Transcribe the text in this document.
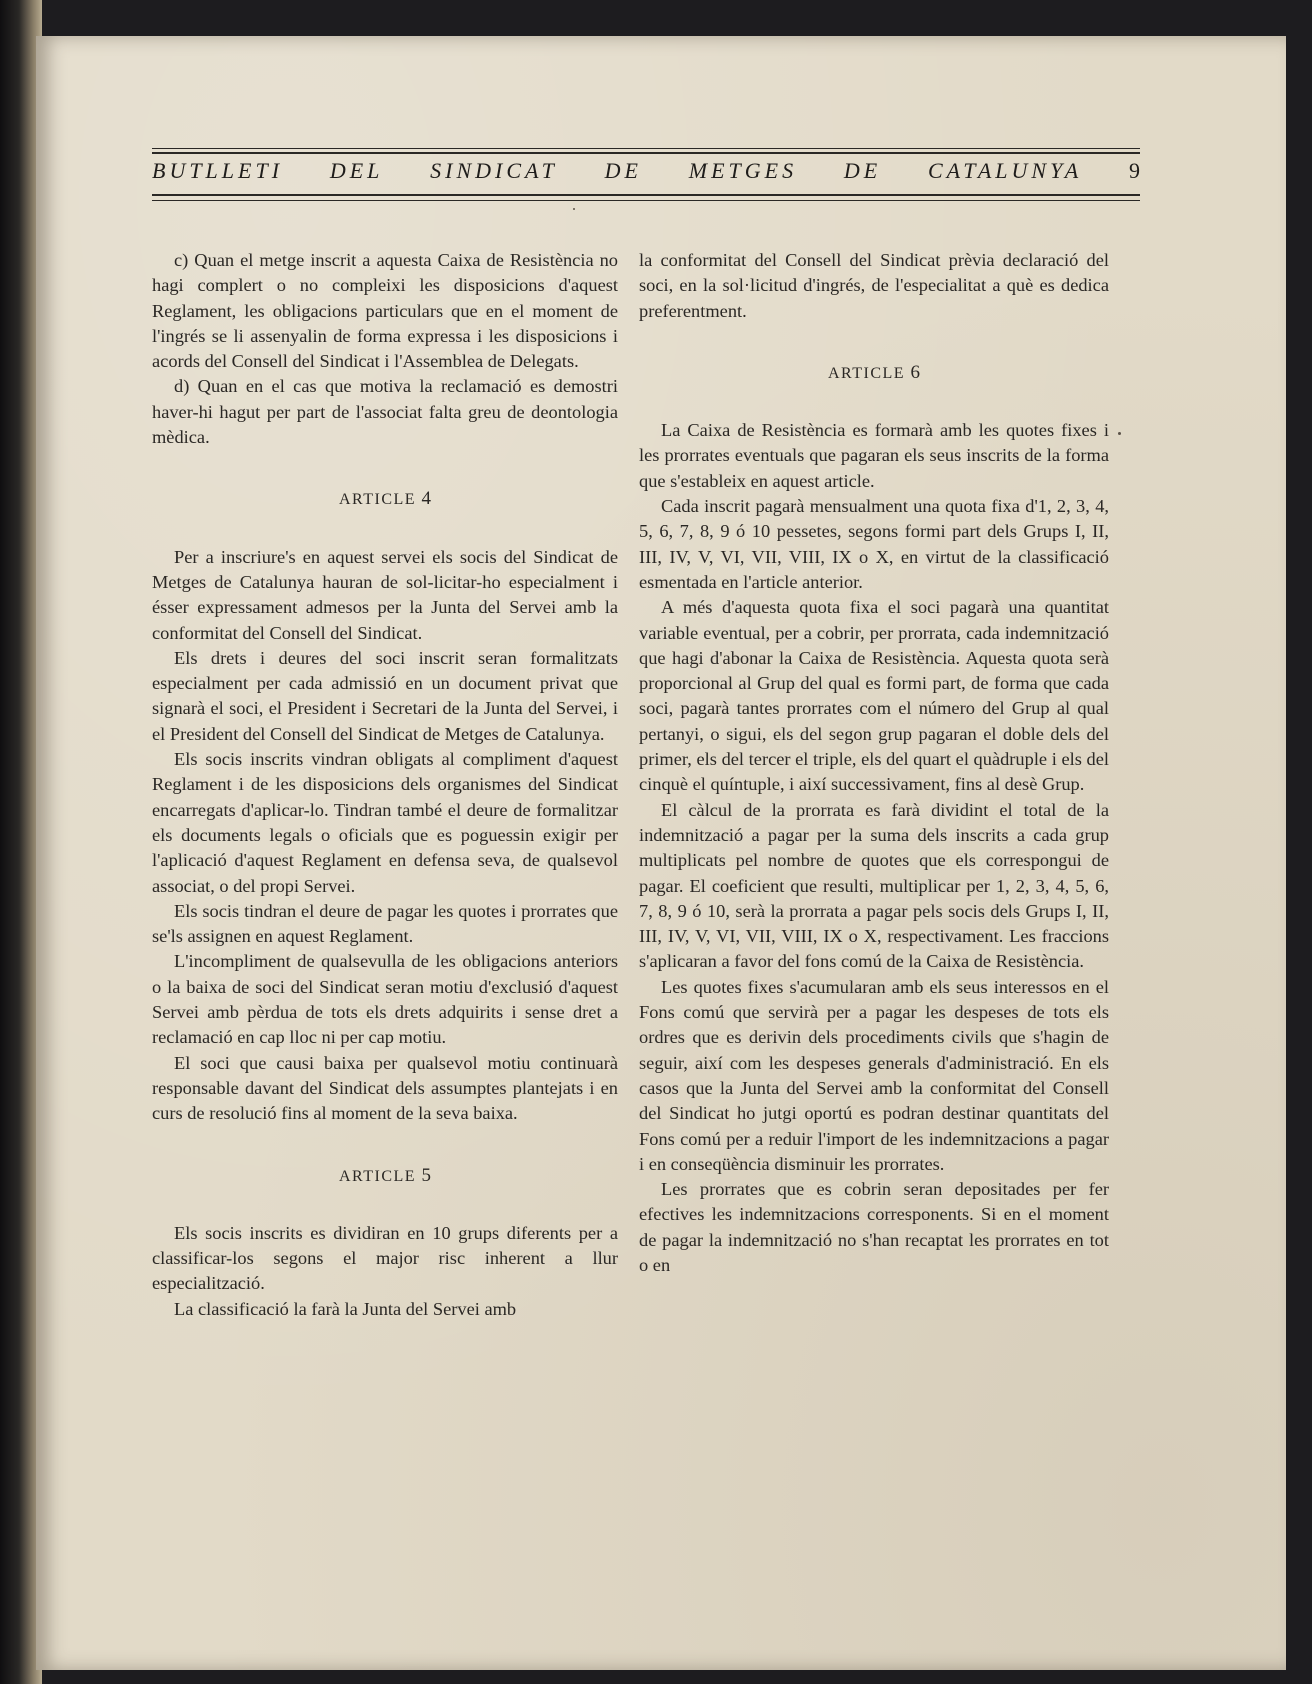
BUTLLETI DEL SINDICAT DE METGES DE CATALUNYA 9

c) Quan el metge inscrit a aquesta Caixa de Resistència no hagi complert o no compleixi les disposicions d'aquest Reglament, les obligacions particulars que en el moment de l'ingrés se li assenyalin de forma expressa i les disposicions i acords del Consell del Sindicat i l'Assemblea de Delegats.

d) Quan en el cas que motiva la reclamació es demostri haver-hi hagut per part de l'associat falta greu de deontologia mèdica.

ARTICLE 4

Per a inscriure's en aquest servei els socis del Sindicat de Metges de Catalunya hauran de sol-licitar-ho especialment i ésser expressament admesos per la Junta del Servei amb la conformitat del Consell del Sindicat.

Els drets i deures del soci inscrit seran formalitzats especialment per cada admissió en un document privat que signarà el soci, el President i Secretari de la Junta del Servei, i el President del Consell del Sindicat de Metges de Catalunya.

Els socis inscrits vindran obligats al compliment d'aquest Reglament i de les disposicions dels organismes del Sindicat encarregats d'aplicar-lo. Tindran també el deure de formalitzar els documents legals o oficials que es poguessin exigir per l'aplicació d'aquest Reglament en defensa seva, de qualsevol associat, o del propi Servei.

Els socis tindran el deure de pagar les quotes i prorrates que se'ls assignen en aquest Reglament.

L'incompliment de qualsevulla de les obligacions anteriors o la baixa de soci del Sindicat seran motiu d'exclusió d'aquest Servei amb pèrdua de tots els drets adquirits i sense dret a reclamació en cap lloc ni per cap motiu.

El soci que causi baixa per qualsevol motiu continuarà responsable davant del Sindicat dels assumptes plantejats i en curs de resolució fins al moment de la seva baixa.

ARTICLE 5

Els socis inscrits es dividiran en 10 grups diferents per a classificar-los segons el major risc inherent a llur especialització.

La classificació la farà la Junta del Servei amb

la conformitat del Consell del Sindicat prèvia declaració del soci, en la sol·licitud d'ingrés, de l'especialitat a què es dedica preferentment.

ARTICLE 6

La Caixa de Resistència es formarà amb les quotes fixes i les prorrates eventuals que pagaran els seus inscrits de la forma que s'estableix en aquest article.

Cada inscrit pagarà mensualment una quota fixa d'1, 2, 3, 4, 5, 6, 7, 8, 9 ó 10 pessetes, segons formi part dels Grups I, II, III, IV, V, VI, VII, VIII, IX o X, en virtut de la classificació esmentada en l'article anterior.

A més d'aquesta quota fixa el soci pagarà una quantitat variable eventual, per a cobrir, per prorrata, cada indemnització que hagi d'abonar la Caixa de Resistència. Aquesta quota serà proporcional al Grup del qual es formi part, de forma que cada soci, pagarà tantes prorrates com el número del Grup al qual pertanyi, o sigui, els del segon grup pagaran el doble dels del primer, els del tercer el triple, els del quart el quàdruple i els del cinquè el quíntuple, i així successivament, fins al desè Grup.

El càlcul de la prorrata es farà dividint el total de la indemnització a pagar per la suma dels inscrits a cada grup multiplicats pel nombre de quotes que els correspongui de pagar. El coeficient que resulti, multiplicar per 1, 2, 3, 4, 5, 6, 7, 8, 9 ó 10, serà la prorrata a pagar pels socis dels Grups I, II, III, IV, V, VI, VII, VIII, IX o X, respectivament. Les fraccions s'aplicaran a favor del fons comú de la Caixa de Resistència.

Les quotes fixes s'acumularan amb els seus interessos en el Fons comú que servirà per a pagar les despeses de tots els ordres que es derivin dels procediments civils que s'hagin de seguir, així com les despeses generals d'administració. En els casos que la Junta del Servei amb la conformitat del Consell del Sindicat ho jutgi oportú es podran destinar quantitats del Fons comú per a reduir l'import de les indemnitzacions a pagar i en conseqüència disminuir les prorrates.

Les prorrates que es cobrin seran depositades per fer efectives les indemnitzacions corresponents. Si en el moment de pagar la indemnització no s'han recaptat les prorrates en tot o en
